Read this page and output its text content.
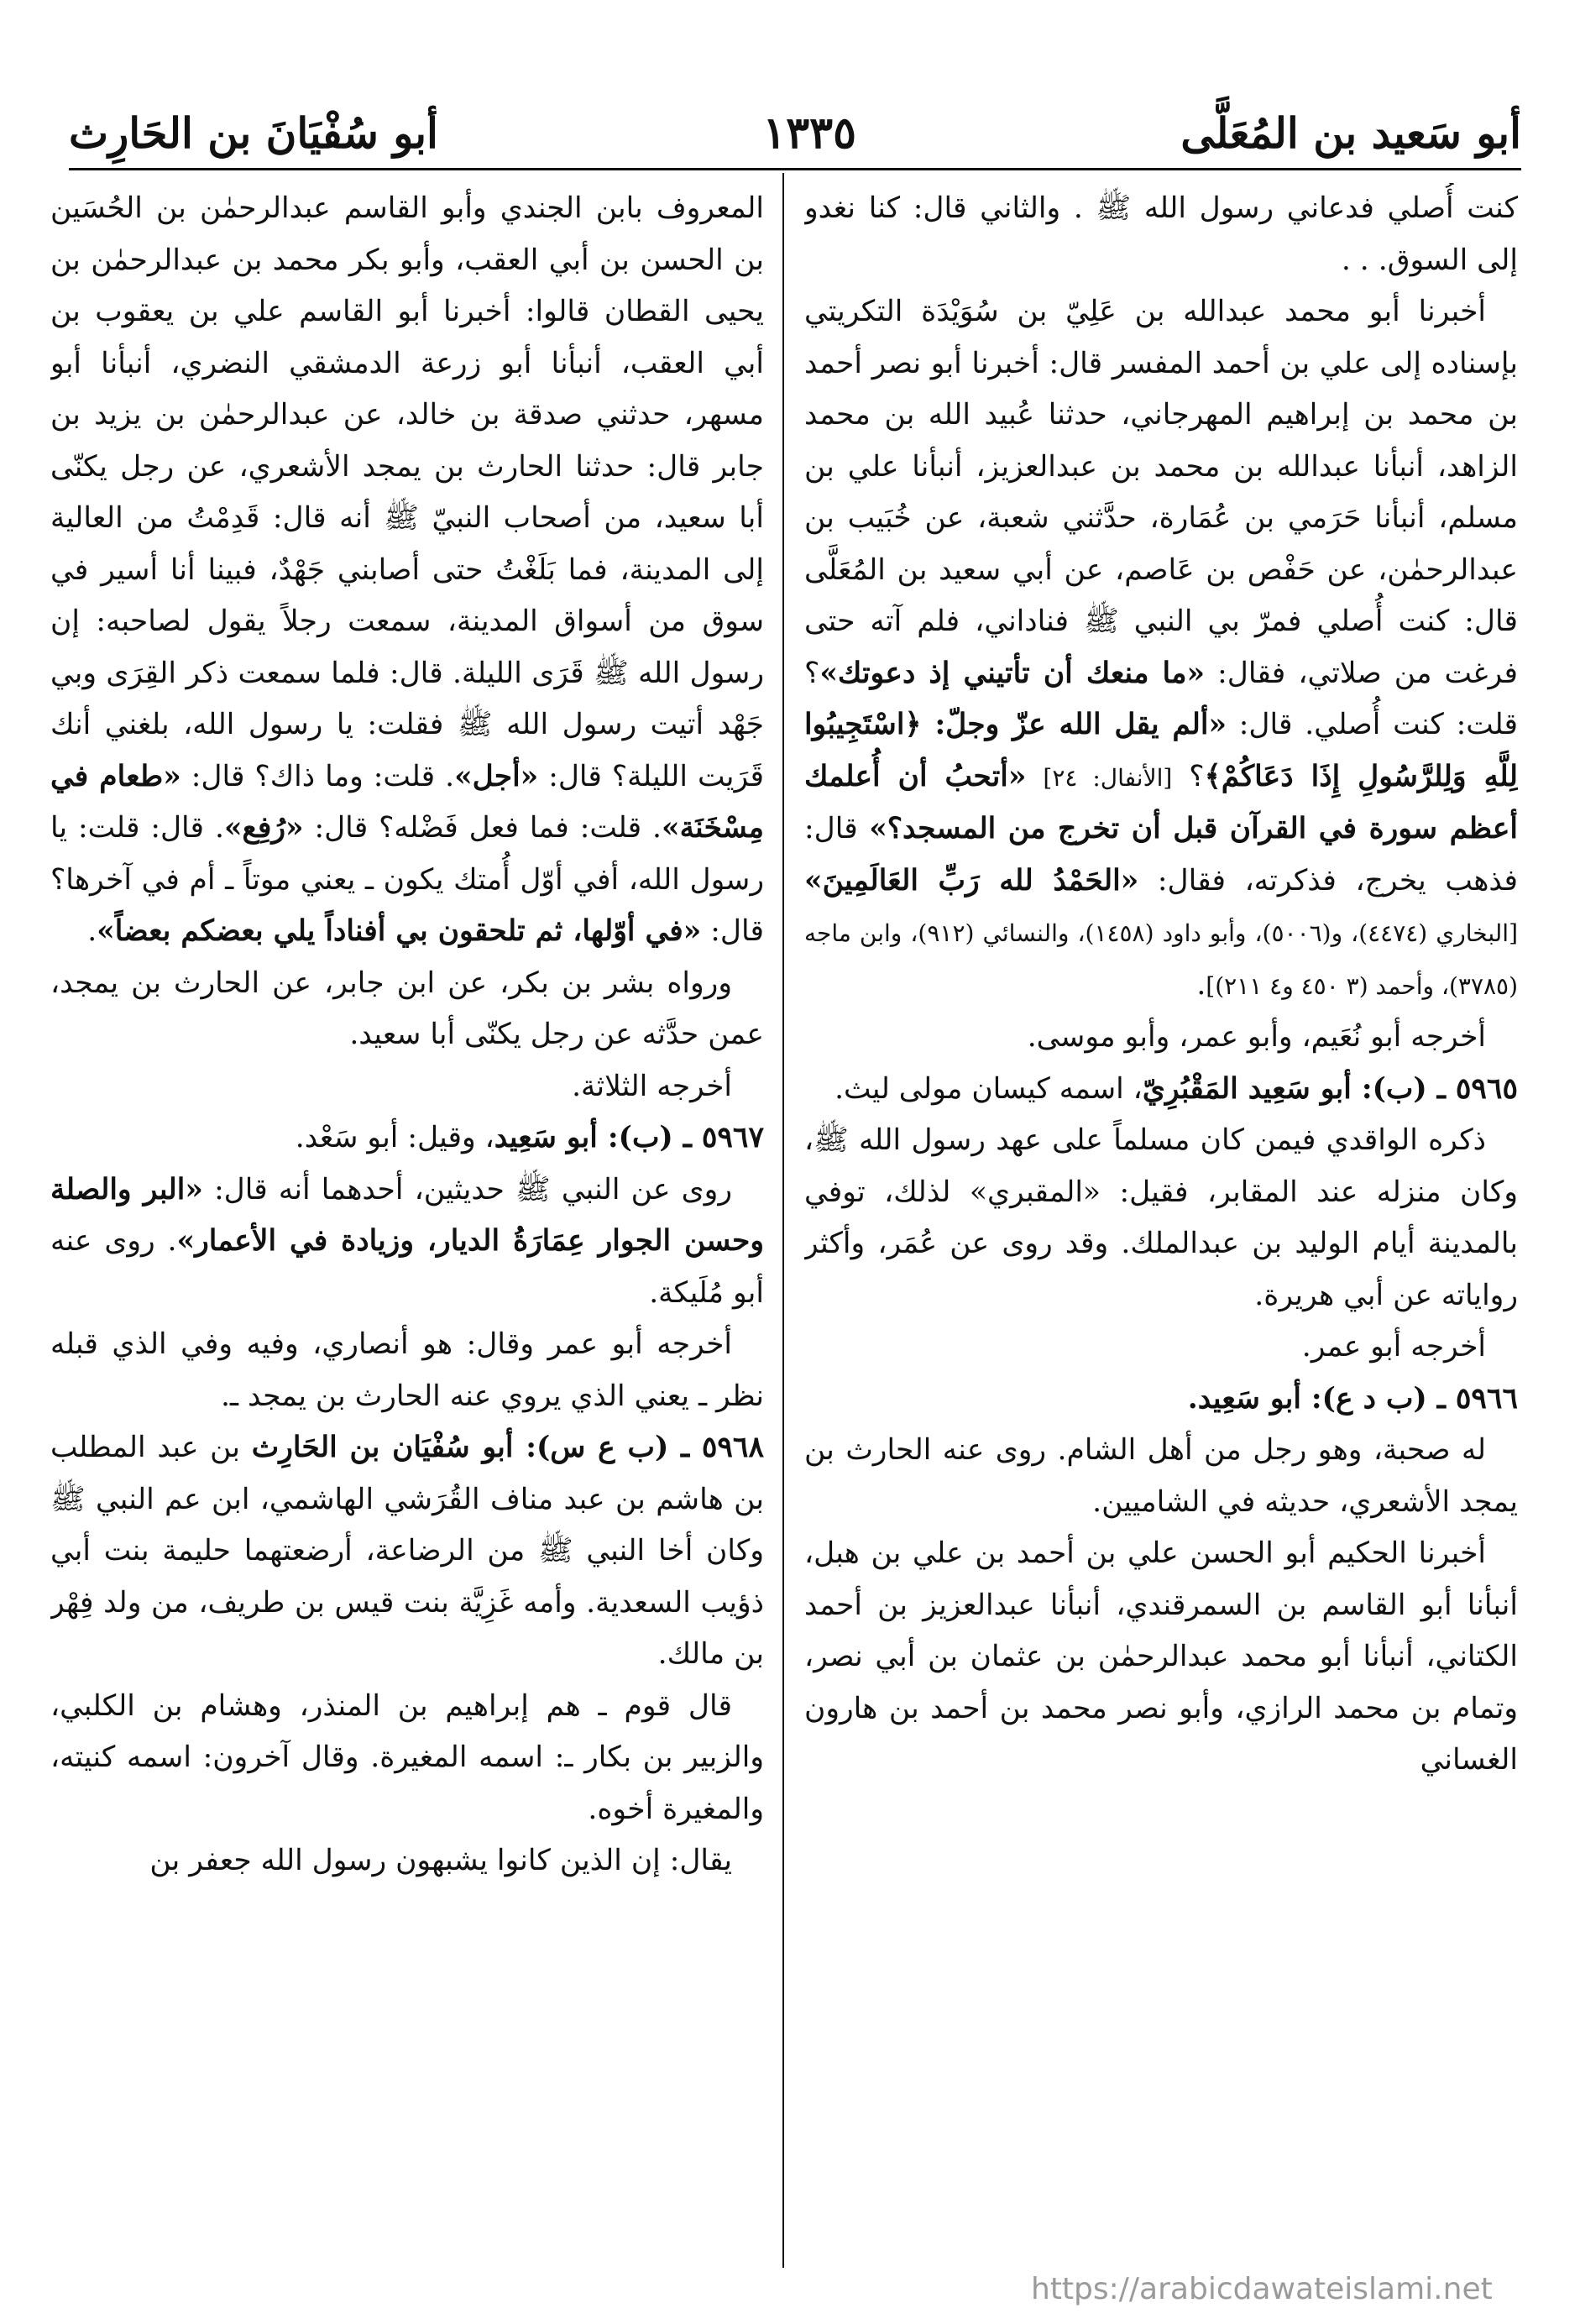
أبو سَعيد بن المُعَلَّى
١٣٣٥
أبو سُفْيَانَ بن الحَارِث

كنت أُصلي فدعاني رسول الله ﷺ . والثاني قال: كنا نغدو إلى السوق. . .

أخبرنا أبو محمد عبدالله بن عَلِيّ بن سُوَيْدَة التكريتي بإسناده إلى علي بن أحمد المفسر قال: أخبرنا أبو نصر أحمد بن محمد بن إبراهيم المهرجاني، حدثنا عُبيد الله بن محمد الزاهد، أنبأنا عبدالله بن محمد بن عبدالعزيز، أنبأنا علي بن مسلم، أنبأنا حَرَمي بن عُمَارة، حدَّثني شعبة، عن خُبَيب بن عبدالرحمٰن، عن حَفْص بن عَاصم، عن أبي سعيد بن المُعَلَّى قال: كنت أُصلي فمرّ بي النبي ﷺ فناداني، فلم آته حتى فرغت من صلاتي، فقال: «ما منعك أن تأتيني إذ دعوتك»؟ قلت: كنت أُصلي. قال: «ألم يقل الله عزّ وجلّ: ﴿اسْتَجِيبُوا لِلَّهِ وَلِلرَّسُولِ إِذَا دَعَاكُمْ﴾؟ [الأنفال: ٢٤] «أتحبُ أن أُعلمك أعظم سورة في القرآن قبل أن تخرج من المسجد؟» قال: فذهب يخرج، فذكرته، فقال: «الحَمْدُ لله رَبِّ العَالَمِينَ» [البخاري (٤٤٧٤)، و(٥٠٠٦)، وأبو داود (١٤٥٨)، والنسائي (٩١٢)، وابن ماجه (٣٧٨٥)، وأحمد (٣ ٤٥٠ و٤ ٢١١)].

أخرجه أبو نُعَيم، وأبو عمر، وأبو موسى.

٥٩٦٥ ـ (ب): أبو سَعِيد المَقْبُرِيّ، اسمه كيسان مولى ليث.

ذكره الواقدي فيمن كان مسلماً على عهد رسول الله ﷺ، وكان منزله عند المقابر، فقيل: «المقبري» لذلك، توفي بالمدينة أيام الوليد بن عبدالملك. وقد روى عن عُمَر، وأكثر رواياته عن أبي هريرة.

أخرجه أبو عمر.

٥٩٦٦ ـ (ب د ع): أبو سَعِيد.

له صحبة، وهو رجل من أهل الشام. روى عنه الحارث بن يمجد الأشعري، حديثه في الشاميين.

أخبرنا الحكيم أبو الحسن علي بن أحمد بن علي بن هبل، أنبأنا أبو القاسم بن السمرقندي، أنبأنا عبدالعزيز بن أحمد الكتاني، أنبأنا أبو محمد عبدالرحمٰن بن عثمان بن أبي نصر، وتمام بن محمد الرازي، وأبو نصر محمد بن أحمد بن هارون الغساني

المعروف بابن الجندي وأبو القاسم عبدالرحمٰن بن الحُسَين بن الحسن بن أبي العقب، وأبو بكر محمد بن عبدالرحمٰن بن يحيى القطان قالوا: أخبرنا أبو القاسم علي بن يعقوب بن أبي العقب، أنبأنا أبو زرعة الدمشقي النضري، أنبأنا أبو مسهر، حدثني صدقة بن خالد، عن عبدالرحمٰن بن يزيد بن جابر قال: حدثنا الحارث بن يمجد الأشعري، عن رجل يكنّى أبا سعيد، من أصحاب النبيّ ﷺ أنه قال: قَدِمْتُ من العالية إلى المدينة، فما بَلَغْتُ حتى أصابني جَهْدٌ، فبينا أنا أسير في سوق من أسواق المدينة، سمعت رجلاً يقول لصاحبه: إن رسول الله ﷺ قَرَى الليلة. قال: فلما سمعت ذكر القِرَى وبي جَهْد أتيت رسول الله ﷺ فقلت: يا رسول الله، بلغني أنك قَرَيت الليلة؟ قال: «أجل». قلت: وما ذاك؟ قال: «طعام في مِسْخَنَة». قلت: فما فعل فَضْله؟ قال: «رُفِع». قال: قلت: يا رسول الله، أفي أوّل أُمتك يكون ـ يعني موتاً ـ أم في آخرها؟ قال: «في أوّلها، ثم تلحقون بي أفناداً يلي بعضكم بعضاً».

ورواه بشر بن بكر، عن ابن جابر، عن الحارث بن يمجد، عمن حدَّثه عن رجل يكنّى أبا سعيد.

أخرجه الثلاثة.

٥٩٦٧ ـ (ب): أبو سَعِيد، وقيل: أبو سَعْد.

روى عن النبي ﷺ حديثين، أحدهما أنه قال: «البر والصلة وحسن الجوار عِمَارَةُ الديار، وزيادة في الأعمار». روى عنه أبو مُلَيكة.

أخرجه أبو عمر وقال: هو أنصاري، وفيه وفي الذي قبله نظر ـ يعني الذي يروي عنه الحارث بن يمجد ـ.

٥٩٦٨ ـ (ب ع س): أبو سُفْيَان بن الحَارِث بن عبد المطلب بن هاشم بن عبد مناف القُرَشي الهاشمي، ابن عم النبي ﷺ وكان أخا النبي ﷺ من الرضاعة، أرضعتهما حليمة بنت أبي ذؤيب السعدية. وأمه غَزِيَّة بنت قيس بن طريف، من ولد فِهْر بن مالك.

قال قوم ـ هم إبراهيم بن المنذر، وهشام بن الكلبي، والزبير بن بكار ـ: اسمه المغيرة. وقال آخرون: اسمه كنيته، والمغيرة أخوه.

يقال: إن الذين كانوا يشبهون رسول الله جعفر بن

https://arabicdawateislami.net
